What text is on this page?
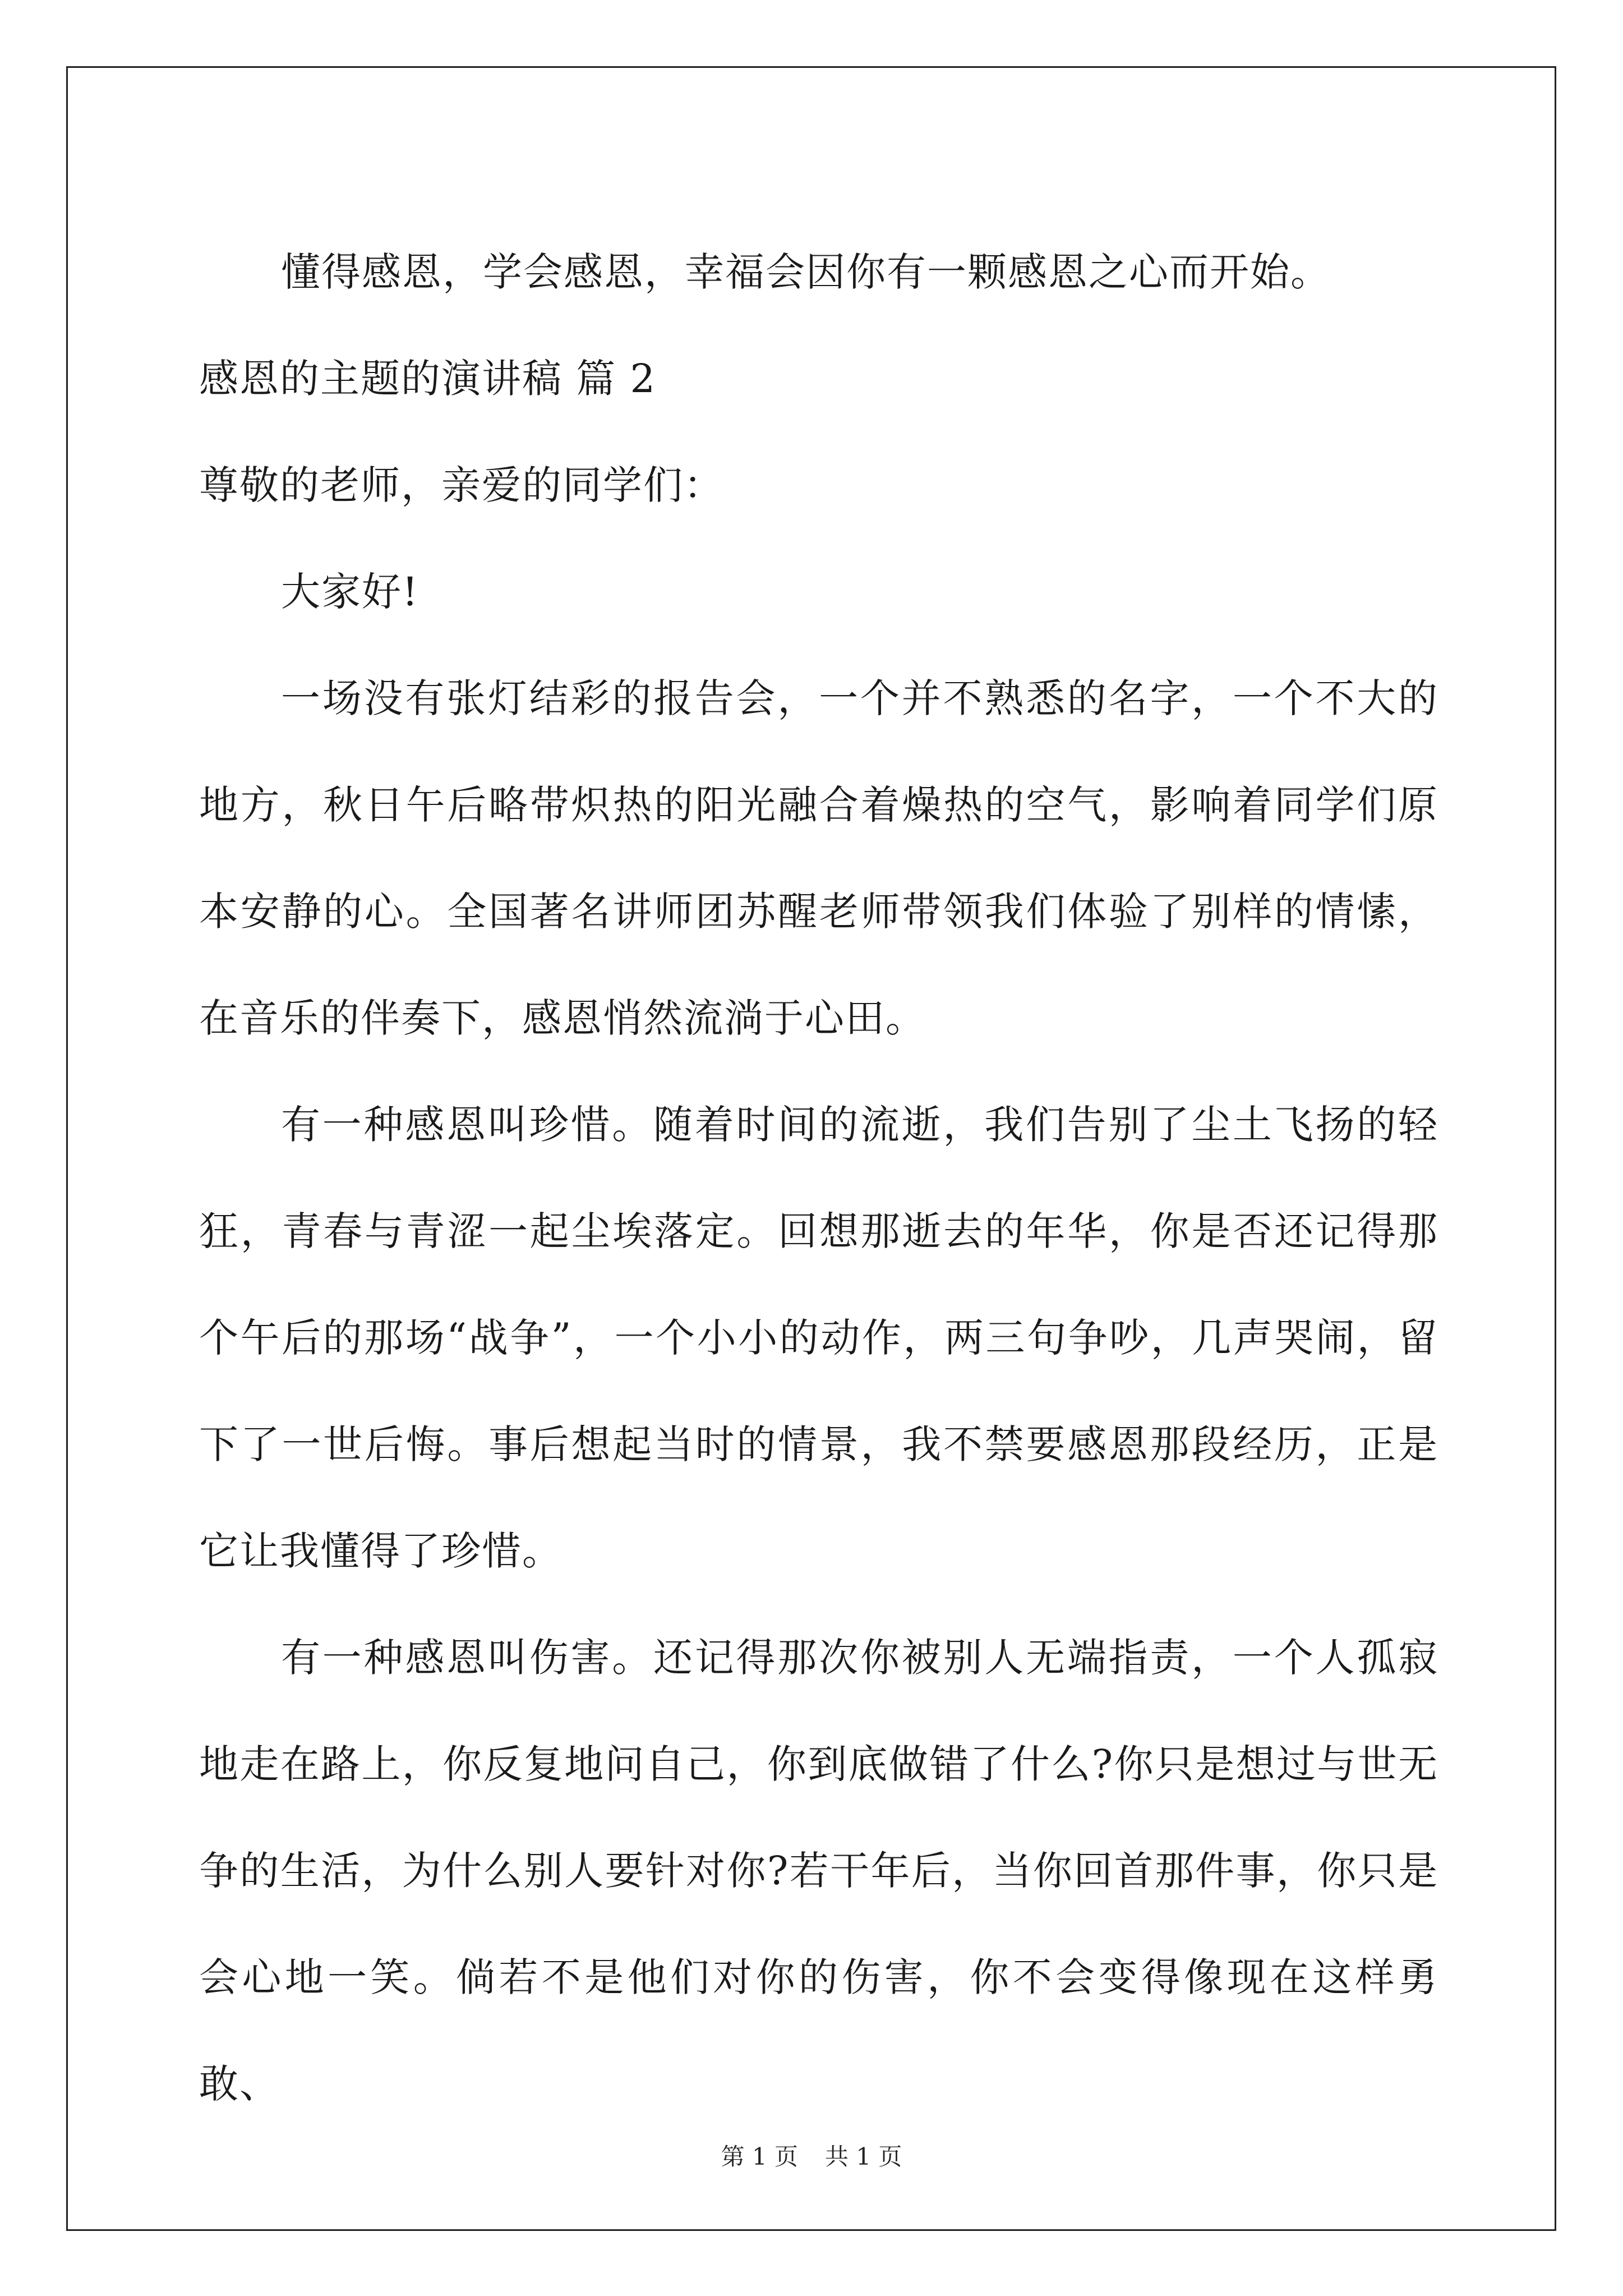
懂得感恩，学会感恩，幸福会因你有一颗感恩之心而开始。

感恩的主题的演讲稿 篇 2

尊敬的老师，亲爱的同学们：

大家好!

一场没有张灯结彩的报告会，一个并不熟悉的名字，一个不大的地方，秋日午后略带炽热的阳光融合着燥热的空气，影响着同学们原本安静的心。全国著名讲师团苏醒老师带领我们体验了别样的情愫，在音乐的伴奏下，感恩悄然流淌于心田。

有一种感恩叫珍惜。随着时间的流逝，我们告别了尘土飞扬的轻狂，青春与青涩一起尘埃落定。回想那逝去的年华，你是否还记得那个午后的那场“战争”，一个小小的动作，两三句争吵，几声哭闹，留下了一世后悔。事后想起当时的情景，我不禁要感恩那段经历，正是它让我懂得了珍惜。

有一种感恩叫伤害。还记得那次你被别人无端指责，一个人孤寂地走在路上，你反复地问自己，你到底做错了什么?你只是想过与世无争的生活，为什么别人要针对你?若干年后，当你回首那件事，你只是会心地一笑。倘若不是他们对你的伤害，你不会变得像现在这样勇敢、

第 1 页 共 1 页
